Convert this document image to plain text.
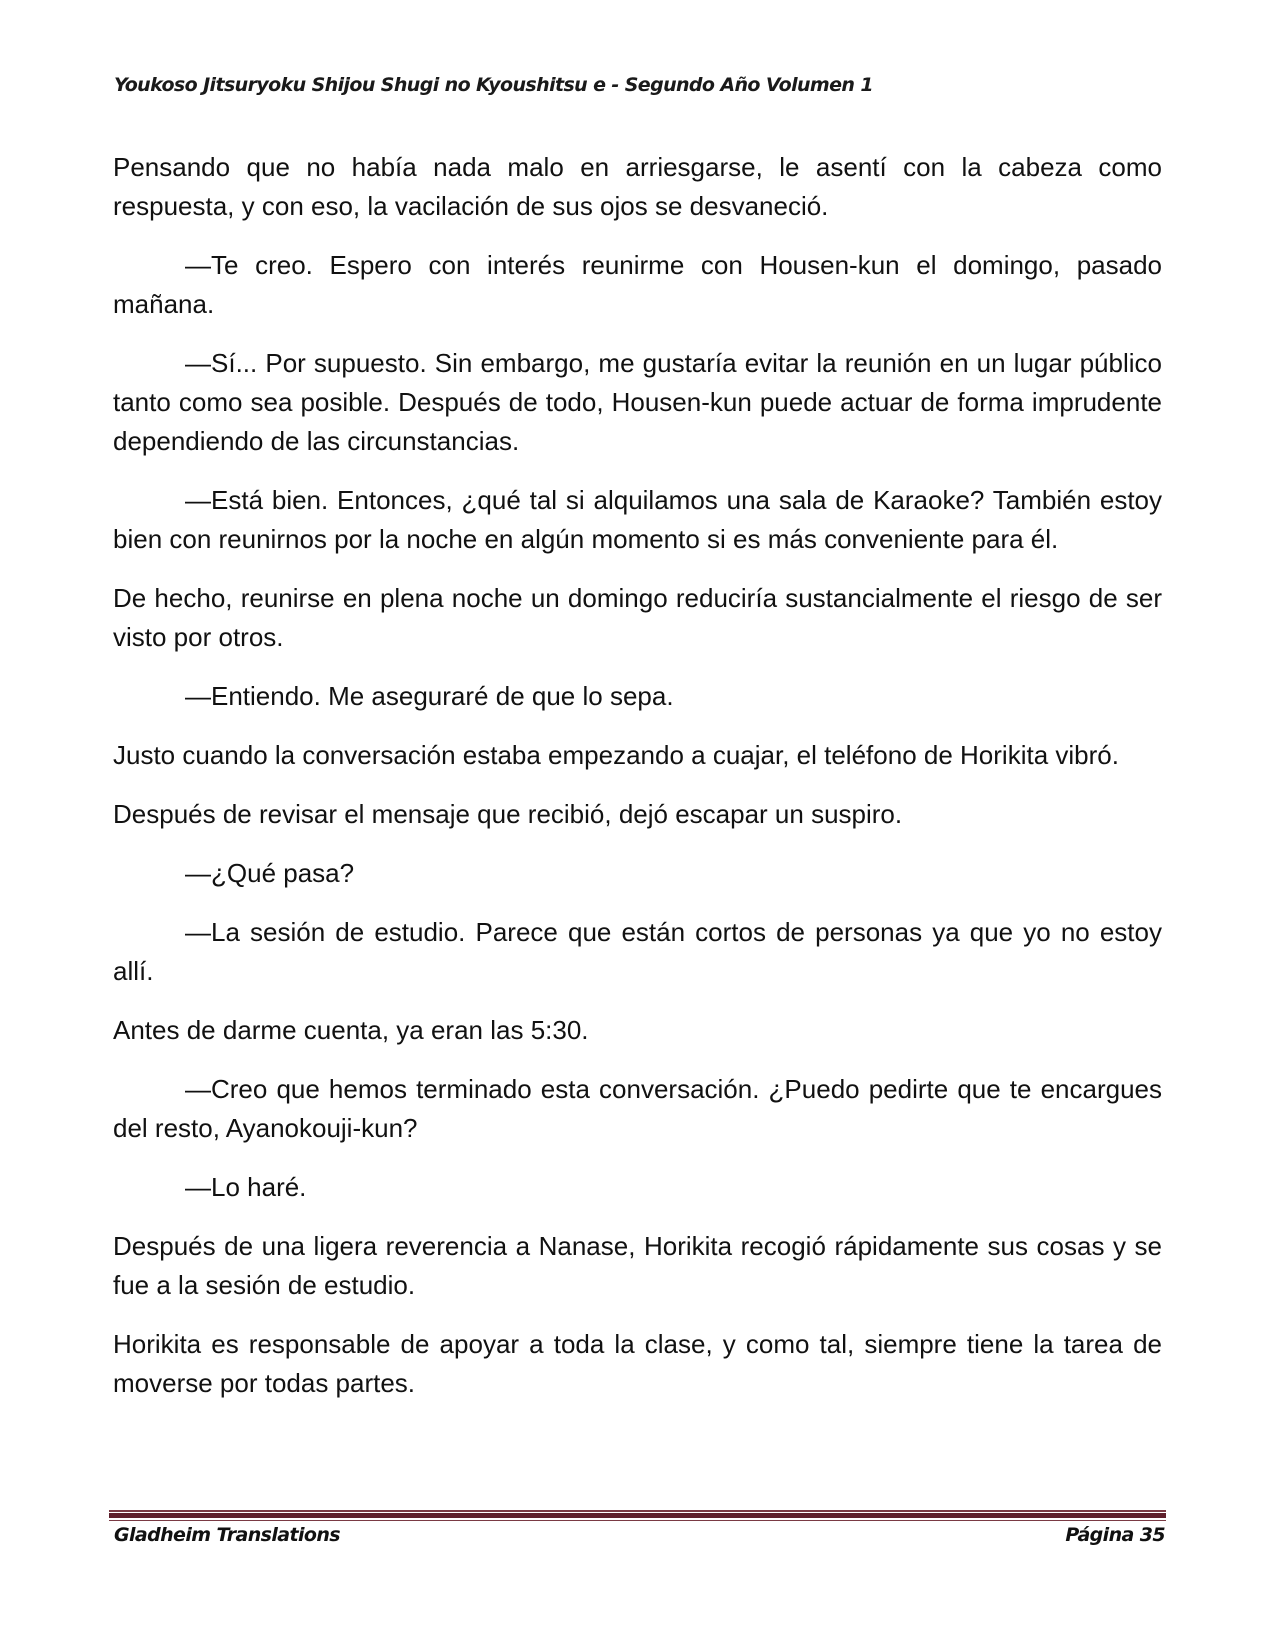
Youkoso Jitsuryoku Shijou Shugi no Kyoushitsu e - Segundo Año Volumen 1

Pensando que no había nada malo en arriesgarse, le asentí con la cabeza como respuesta, y con eso, la vacilación de sus ojos se desvaneció.

—Te creo. Espero con interés reunirme con Housen-kun el domingo, pasado mañana.

—Sí... Por supuesto. Sin embargo, me gustaría evitar la reunión en un lugar público tanto como sea posible. Después de todo, Housen-kun puede actuar de forma imprudente dependiendo de las circunstancias.

—Está bien. Entonces, ¿qué tal si alquilamos una sala de Karaoke? También estoy bien con reunirnos por la noche en algún momento si es más conveniente para él.

De hecho, reunirse en plena noche un domingo reduciría sustancialmente el riesgo de ser visto por otros.

—Entiendo. Me aseguraré de que lo sepa.

Justo cuando la conversación estaba empezando a cuajar, el teléfono de Horikita vibró.

Después de revisar el mensaje que recibió, dejó escapar un suspiro.

—¿Qué pasa?

—La sesión de estudio. Parece que están cortos de personas ya que yo no estoy allí.

Antes de darme cuenta, ya eran las 5:30.

—Creo que hemos terminado esta conversación. ¿Puedo pedirte que te encargues del resto, Ayanokouji-kun?

—Lo haré.

Después de una ligera reverencia a Nanase, Horikita recogió rápidamente sus cosas y se fue a la sesión de estudio.

Horikita es responsable de apoyar a toda la clase, y como tal, siempre tiene la tarea de moverse por todas partes.

Gladheim Translations	Página 35
